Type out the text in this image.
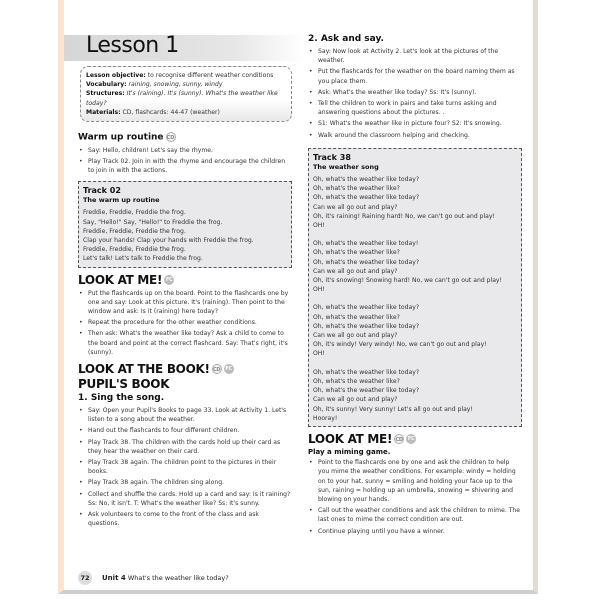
Lesson 1
Lesson objective: to recognise different weather conditions
Vocabulary: raining, snowing, sunny, windy
Structures: It's (raining). It's (sunny). What's the weather like today?
Materials: CD, flashcards: 44-47 (weather)
Warm up routine CD
• Say: Hello, children! Let's say the rhyme.
• Play Track 02. Join in with the rhyme and encourage the children to join in with the actions.
Track 02
The warm up routine
Freddie, Freddie, Freddie the frog.
Say, "Hello!" Say, "Hello!" to Freddie the frog.
Freddie, Freddie, Freddie the frog.
Clap your hands! Clap your hands with Freddie the frog.
Freddie, Freddie, Freddie the frog.
Let's talk! Let's talk to Freddie the frog.
LOOK AT ME! FC
• Put the flashcards up on the board. Point to the flashcards one by one and say: Look at this picture. It's (raining). Then point to the window and ask: Is it (raining) here today?
• Repeat the procedure for the other weather conditions.
• Then ask: What's the weather like today? Ask a child to come to the board and point at the correct flashcard. Say: That's right, it's (sunny).
LOOK AT THE BOOK! CD FC
PUPIL'S BOOK
1. Sing the song.
• Say: Open your Pupil's Books to page 33. Look at Activity 1. Let's listen to a song about the weather.
• Hand out the flashcards to four different children.
• Play Track 38. The children with the cards hold up their card as they hear the weather on their card.
• Play Track 38 again. The children point to the pictures in their books.
• Play Track 38 again. The children sing along.
• Collect and shuffle the cards. Hold up a card and say: Is it raining? Ss: No, it isn't. T: What's the weather like? Ss: It's sunny.
• Ask volunteers to come to the front of the class and ask questions.
2. Ask and say.
• Say: Now look at Activity 2. Let's look at the pictures of the weather.
• Put the flashcards for the weather on the board naming them as you place them.
• Ask: What's the weather like today? Ss: It's (sunny).
• Tell the children to work in pairs and take turns asking and answering questions about the pictures. .
• S1: What's the weather like in picture four? S2: It's snowing.
• Walk around the classroom helping and checking.
Track 38
The weather song
Oh, what's the weather like today?
Oh, what's the weather like?
Oh, what's the weather like today?
Can we all go out and play?
Oh, it's raining! Raining hard! No, we can't go out and play!
OH!
Oh, what's the weather like today!
Oh, what's the weather like?
Oh, what's the weather like today?
Can we all go out and play?
Oh, it's snowing! Snowing hard! No, we can't go out and play!
OH!
Oh, what's the weather like today?
Oh, what's the weather like?
Oh, what's the weather like today?
Can we all go out and play?
Oh, it's windy! Very windy! No, we can't go out and play!
OH!
Oh, what's the weather like today?
Oh, what's the weather like?
Oh, what's the weather like today?
Can we all go out and play?
Oh, it's sunny! Very sunny! Let's all go out and play!
Hooray!
LOOK AT ME! CD FC
Play a miming game.
• Point to the flashcards one by one and ask the children to help you mime the weather conditions. For example: windy = holding on to your hat, sunny = smiling and holding your face up to the sun, raining = holding up an umbrella, snowing = shivering and blowing on your hands.
• Call out the weather conditions and ask the children to mime. The last ones to mime the correct condition are out.
• Continue playing until you have a winner.
72	Unit 4 What's the weather like today?
